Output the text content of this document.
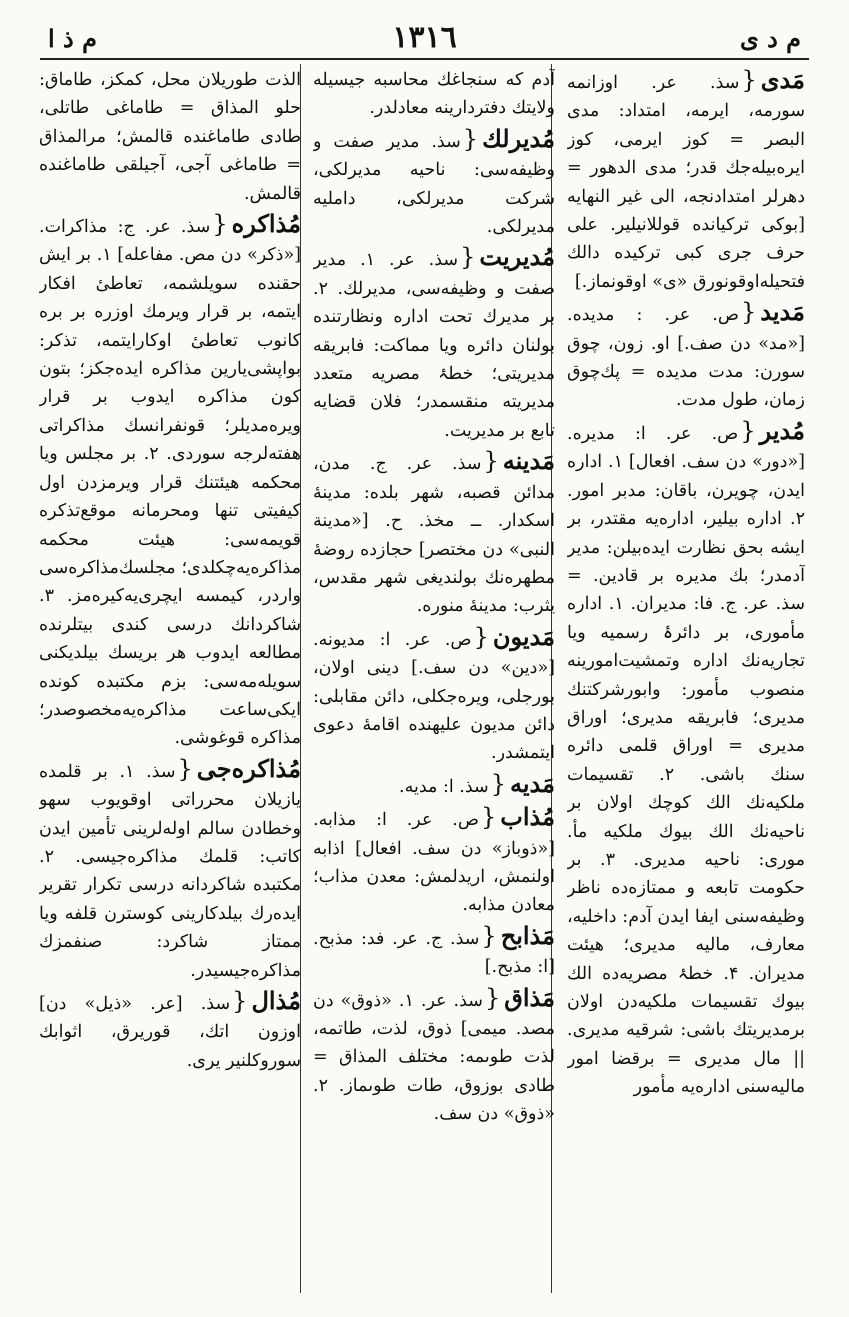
م د ی
١٣١٦
م ذ ا

مَدى{سذ. عر. اوزانمه سورمه، ایرمه، امتداد: مدى البصر = كوز ایرمی، كوز ایره‌بیله‌جك قدر؛ مدى الدهور = دهرلر امتدادنجه، الى غیر النهایه [بوكی تركیانده قوللانیلیر. على حرف جری كبی تركیده دالك فتحیله‌اوقونورق «ی» اوقونماز.]

مَدید{ص. عر. : مدیده. [«مد» دن صف.] او. زون، چوق سورن: مدت مدیده = پك‌چوق زمان، طول مدت.

مُدیر{ص. عر. ا: مدیره. [«دور» دن سف. افعال] ۱. اداره ایدن، چویرن، باقان: مدبر امور. ۲. اداره بیلیر، ادارەیه مقتدر، بر ایشه بحق نظارت ایده‌بیلن: مدیر آدمدر؛ بك مدیره بر قادین. = سذ. عر. ج. فا: مدیران. ۱. اداره مأموری، بر دائرۂ رسمیه ویا تجاریه‌نك اداره وتمشیت‌امورینه منصوب مأمور: وابورشركتنك مدیری؛ فابریقه مدیری؛ اوراق مدیری = اوراق قلمی دائره سنك باشی. ۲. تقسیمات ملكیه‌نك الك كوچك اولان بر ناحیه‌نك الك بیوك ملكیه مأ. موری: ناحیه مدیری. ۳. بر حكومت تابعه و ممتازه‌ده ناظر وظیفه‌سنی ایفا ایدن آدم: داخلیه، معارف، مالیه مدیری؛ هیئت مدیران. ۴. خطۂ مصریه‌ده الك بیوك تقسیمات ملكیه‌دن اولان برمدیریتك باشی: شرقیه مدیری. || مال مدیری = برقضا امور مالیه‌سنی ادارەیه مأمور

آدم كه سنجاغك محاسبه جیسیله ولایتك دفتردارینه معادلدر.

مُدیرلك{سذ. مدیر صفت و وظیفه‌سی: ناحیه مدیرلكی، شركت مدیرلكی، داملیه مدیرلكی.

مُدیریت{سذ. عر. ۱. مدیر صفت و وظیفه‌سی، مدیرلك. ۲. بر مدیرك تحت اداره ونظارتنده بولنان دائره ویا مماكت: فابریقه مدیریتی؛ خطۂ مصریه متعدد مدیریته منقسمدر؛ فلان قضایه تابع بر مدیریت.

مَدینه{سذ. عر. ج. مدن، مدائن قصبه، شهر بلده: مدینهٔ اسكدار. ــ مخذ. ح. [«مدینة النبی» دن مختصر] حجازده روضهٔ مطهره‌نك بولندیغی شهر مقدس، یثرب: مدینهٔ منوره.

مَدیون{ص. عر. ا: مدیونه. [«دین» دن سف.] دینی اولان، بورجلی، ویره‌جكلی، دائن مقابلی: دائن مدیون علیهنده اقامهٔ دعوی ایتمشدر.

مَدیه{سذ. ا: مدیه.

مُذاب{ص. عر. ا: مذابه. [«ذوباز» دن سف. افعال] اذابه اولنمش، اریدلمش: معدن مذاب؛ معادن مذابه.

مَذابح{سذ. ج. عر. فد: مذبح. [ا: مذبح.]

مَذاق{سذ. عر. ۱. «ذوق» دن مصد. میمی] ذوق، لذت، طاتمه، لذت طوىمه: مختلف المذاق = طادی بوزوق، طات طوىماز. ۲. «ذوق» دن سف.

الذت طوریلان محل، كمكز، طاماق: حلو المذاق = طاماغی طاتلی، طادی طاماغنده قالمش؛ مرالمذاق = طاماغی آجی، آجیلقی طاماغنده قالمش.

مُذاكره{سذ. عر. ج: مذاكرات. [«ذكر» دن مص. مفاعله] ۱. بر ایش حقنده سویلشمه، تعاطیٔ افكار ایتمه، بر قرار ویرمك اوزره بر بره كانوب تعاطیٔ اوكارایتمه، تذكر: بواپشی‌یارین مذاكره ایده‌جكز؛ بتون كون مذاكره ایدوب بر قرار ویره‌مدیلر؛ قونفرانسك مذاكراتی هفته‌لرجه سوردی. ۲. بر مجلس ویا محكمه هیئتنك قرار ویرمزدن اول كیفیتی تنها ومحرمانه موقع‌تذكره قویمه‌سی: هیئت محكمه مذاكرەیه‌چكلدی؛ مجلسك‌مذاكره‌سی واردر، كیمسه ایچری‌یه‌كیره‌مز. ۳. شاكردانك درسی كندی بیتلرنده مطالعه ایدوب هر بریسك بیلدیكنی سویلەمەسی: بزم مكتبده كونده ایكی‌ساعت مذاكرەیه‌مخصوصدر؛ مذاكره قوغوشی.

مُذاكره‌جی{سذ. ۱. بر قلمده یازیلان محرراتی اوقویوب سهو وخطادن سالم اولەلرینی تأمین ایدن كاتب: قلمك مذاكره‌جیسی. ۲. مكتبده شاكردانه درسی تكرار تقریر ایده‌رك بیلدكارینی كوسترن قلفه ویا ممتاز شاكرد: صنفمزك مذاكره‌جیسیدر.

مُذال{سذ. [عر. «ذیل» دن] اوزون اتك، قوریرق، اثوابك سوروكلنیر یری.
